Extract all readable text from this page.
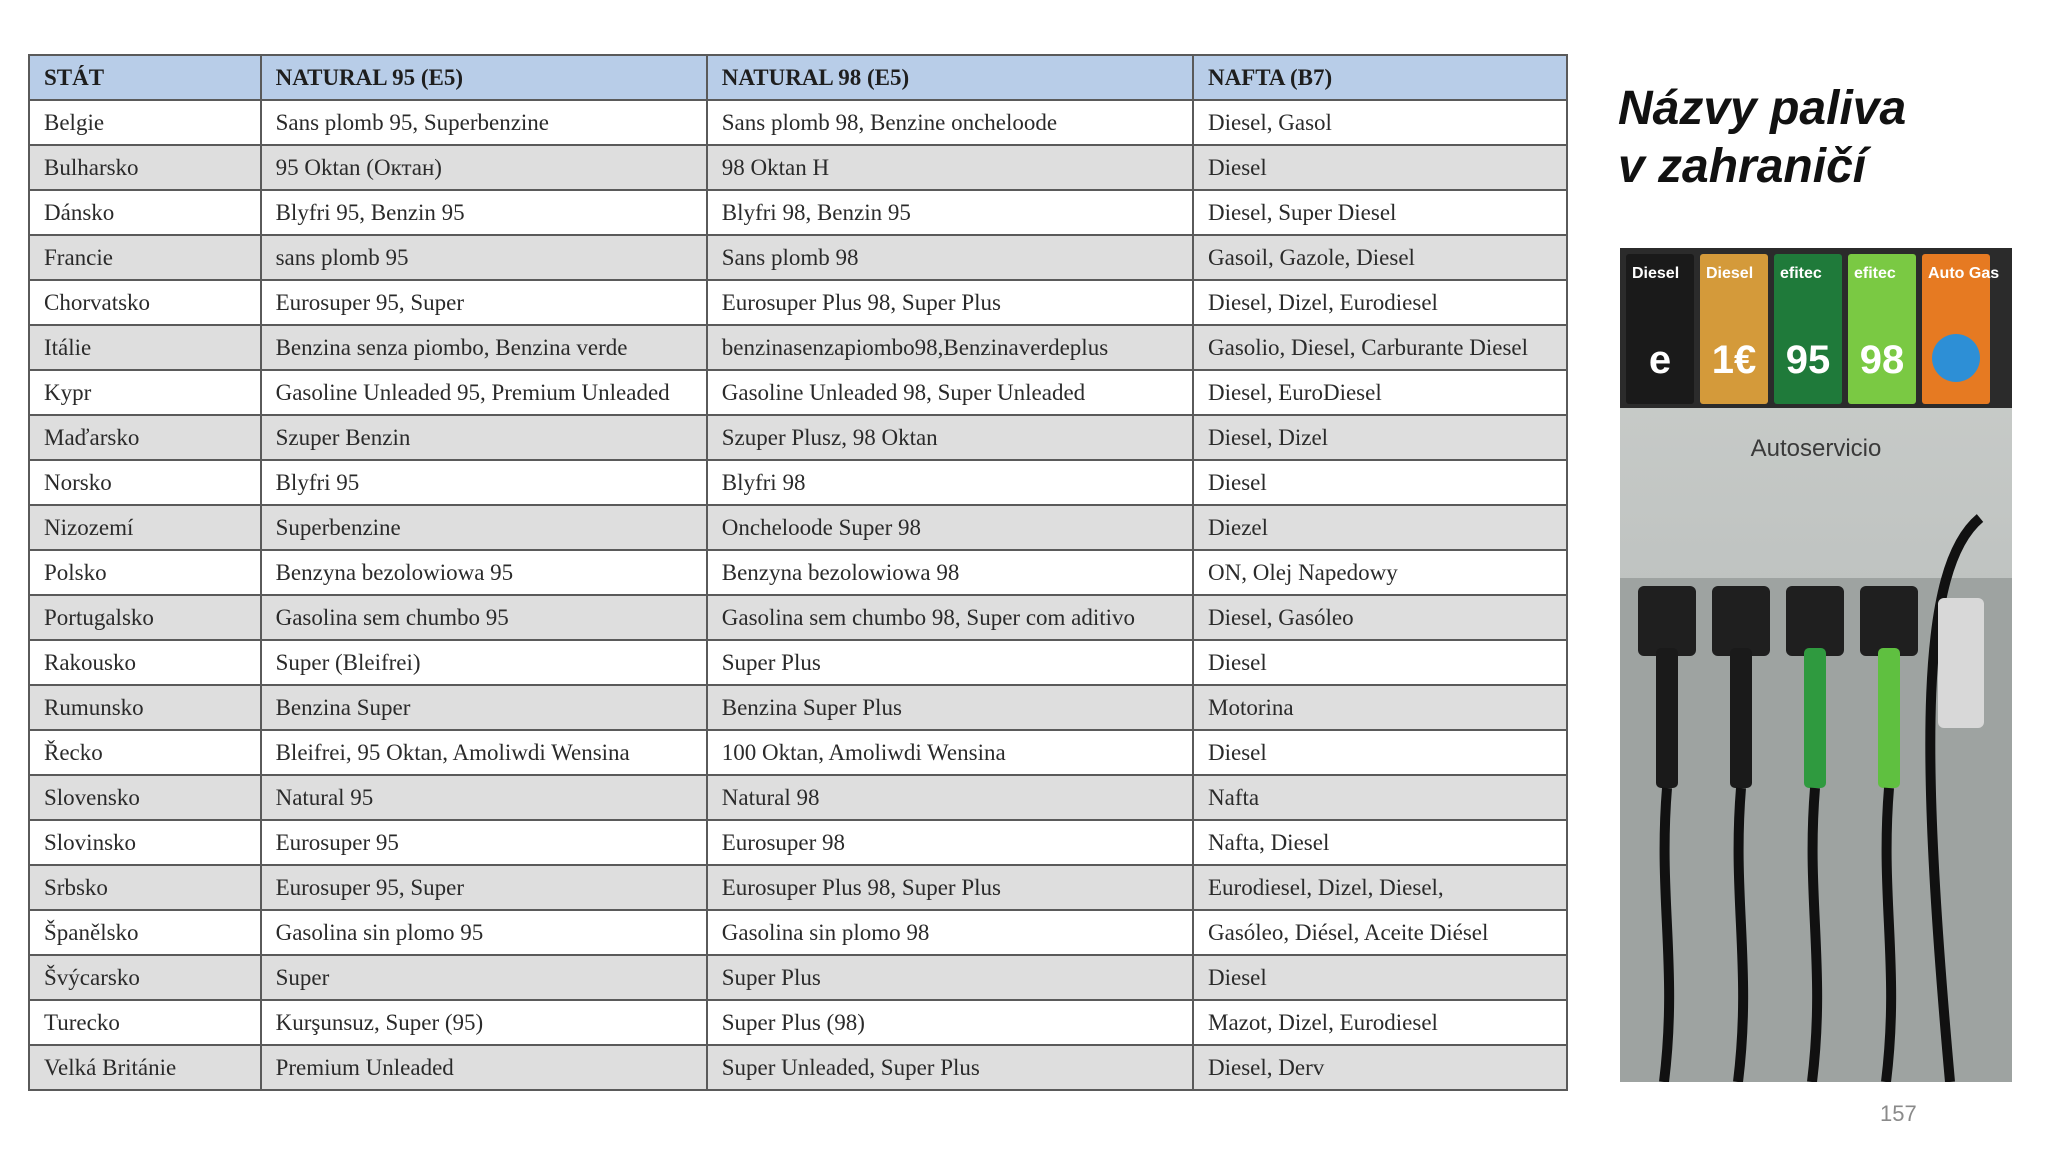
STÁT	NATURAL 95 (E5)	NATURAL 98 (E5)	NAFTA (B7)
Belgie	Sans plomb 95, Superbenzine	Sans plomb 98, Benzine oncheloode	Diesel, Gasol
Bulharsko	95 Oktan (Октан)	98 Oktan H	Diesel
Dánsko	Blyfri 95, Benzin 95	Blyfri 98, Benzin 95	Diesel, Super Diesel
Francie	sans plomb 95	Sans plomb 98	Gasoil, Gazole, Diesel
Chorvatsko	Eurosuper 95, Super	Eurosuper Plus 98, Super Plus	Diesel, Dizel, Eurodiesel
Itálie	Benzina senza piombo, Benzina verde	benzinasenzapiombo98,Benzinaverdeplus	Gasolio, Diesel, Carburante Diesel
Kypr	Gasoline Unleaded 95, Premium Unleaded	Gasoline Unleaded 98, Super Unleaded	Diesel, EuroDiesel
Maďarsko	Szuper Benzin	Szuper Plusz, 98 Oktan	Diesel, Dizel
Norsko	Blyfri 95	Blyfri 98	Diesel
Nizozemí	Superbenzine	Oncheloode Super 98	Diezel
Polsko	Benzyna bezolowiowa 95	Benzyna bezolowiowa 98	ON, Olej Napedowy
Portugalsko	Gasolina sem chumbo 95	Gasolina sem chumbo 98, Super com aditivo	Diesel, Gasóleo
Rakousko	Super (Bleifrei)	Super Plus	Diesel
Rumunsko	Benzina Super	Benzina Super Plus	Motorina
Řecko	Bleifrei, 95 Oktan, Amoliwdi Wensina	100 Oktan, Amoliwdi Wensina	Diesel
Slovensko	Natural 95	Natural 98	Nafta
Slovinsko	Eurosuper 95	Eurosuper 98	Nafta, Diesel
Srbsko	Eurosuper 95, Super	Eurosuper Plus 98, Super Plus	Eurodiesel, Dizel, Diesel,
Španělsko	Gasolina sin plomo 95	Gasolina sin plomo 98	Gasóleo, Diésel, Aceite Diésel
Švýcarsko	Super	Super Plus	Diesel
Turecko	Kurşunsuz, Super (95)	Super Plus (98)	Mazot, Dizel, Eurodiesel
Velká Británie	Premium Unleaded	Super Unleaded, Super Plus	Diesel, Derv
Názvy paliva
v zahraničí
Diesel
e
Diesel
1€
efitec
95
efitec
98
Auto Gas
Autoservicio
157
